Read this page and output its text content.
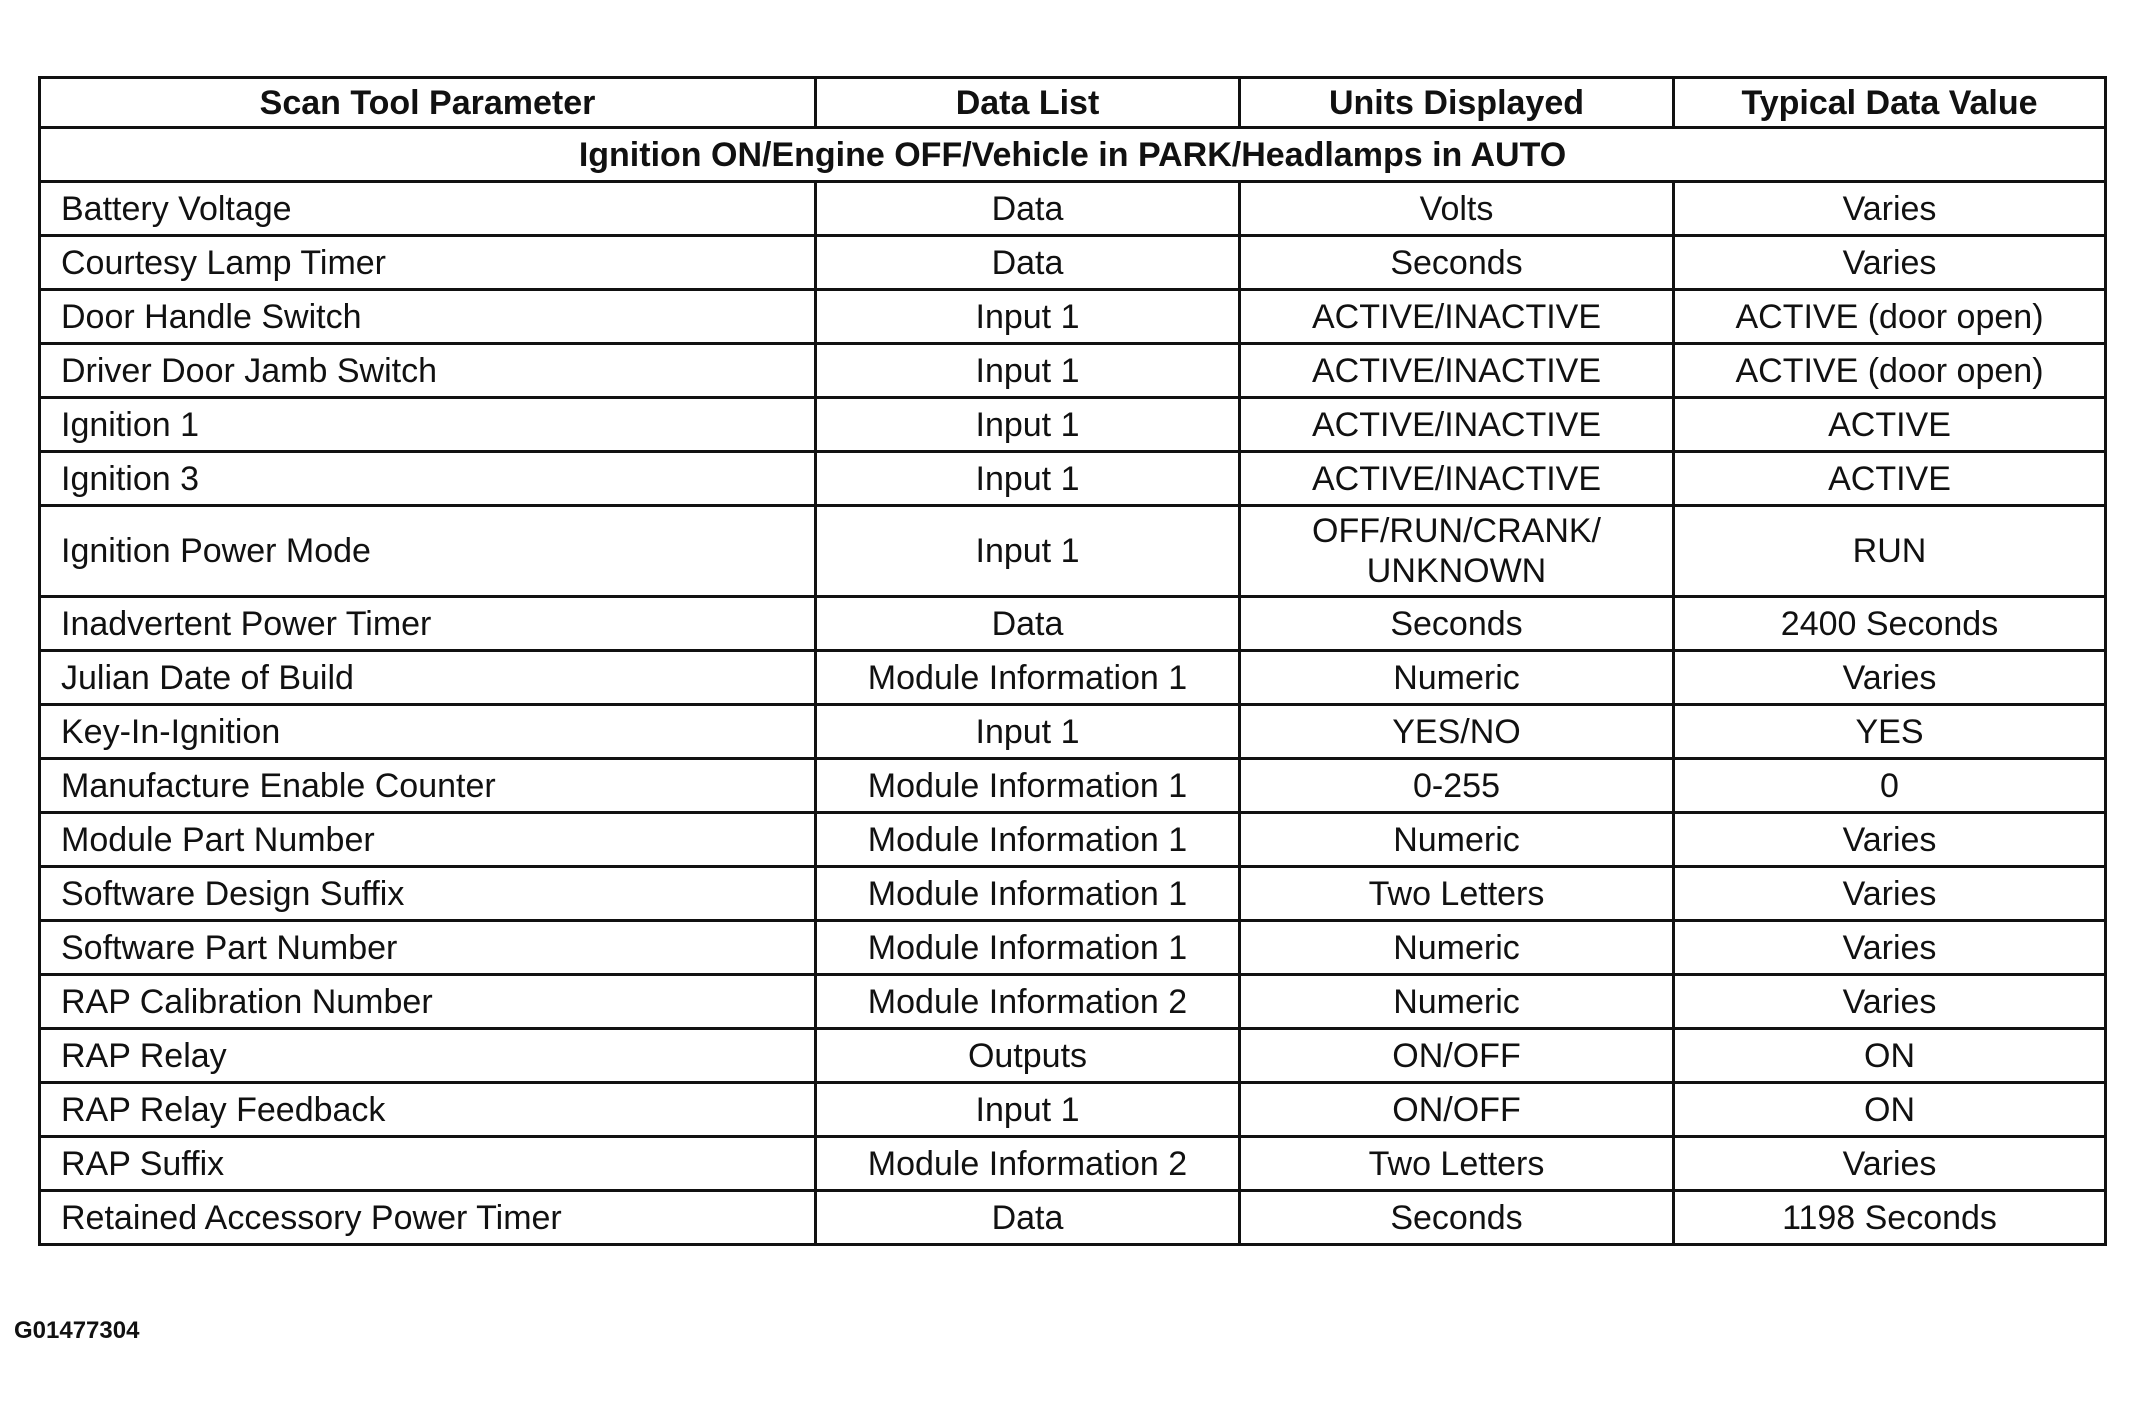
Scan Tool Parameter	Data List	Units Displayed	Typical Data Value
Ignition ON/Engine OFF/Vehicle in PARK/Headlamps in AUTO			
Battery Voltage	Data	Volts	Varies
Courtesy Lamp Timer	Data	Seconds	Varies
Door Handle Switch	Input 1	ACTIVE/INACTIVE	ACTIVE (door open)
Driver Door Jamb Switch	Input 1	ACTIVE/INACTIVE	ACTIVE (door open)
Ignition 1	Input 1	ACTIVE/INACTIVE	ACTIVE
Ignition 3	Input 1	ACTIVE/INACTIVE	ACTIVE
Ignition Power Mode	Input 1	OFF/RUN/CRANK/ UNKNOWN	RUN
Inadvertent Power Timer	Data	Seconds	2400 Seconds
Julian Date of Build	Module Information 1	Numeric	Varies
Key-In-Ignition	Input 1	YES/NO	YES
Manufacture Enable Counter	Module Information 1	0-255	0
Module Part Number	Module Information 1	Numeric	Varies
Software Design Suffix	Module Information 1	Two Letters	Varies
Software Part Number	Module Information 1	Numeric	Varies
RAP Calibration Number	Module Information 2	Numeric	Varies
RAP Relay	Outputs	ON/OFF	ON
RAP Relay Feedback	Input 1	ON/OFF	ON
RAP Suffix	Module Information 2	Two Letters	Varies
Retained Accessory Power Timer	Data	Seconds	1198 Seconds
G01477304
